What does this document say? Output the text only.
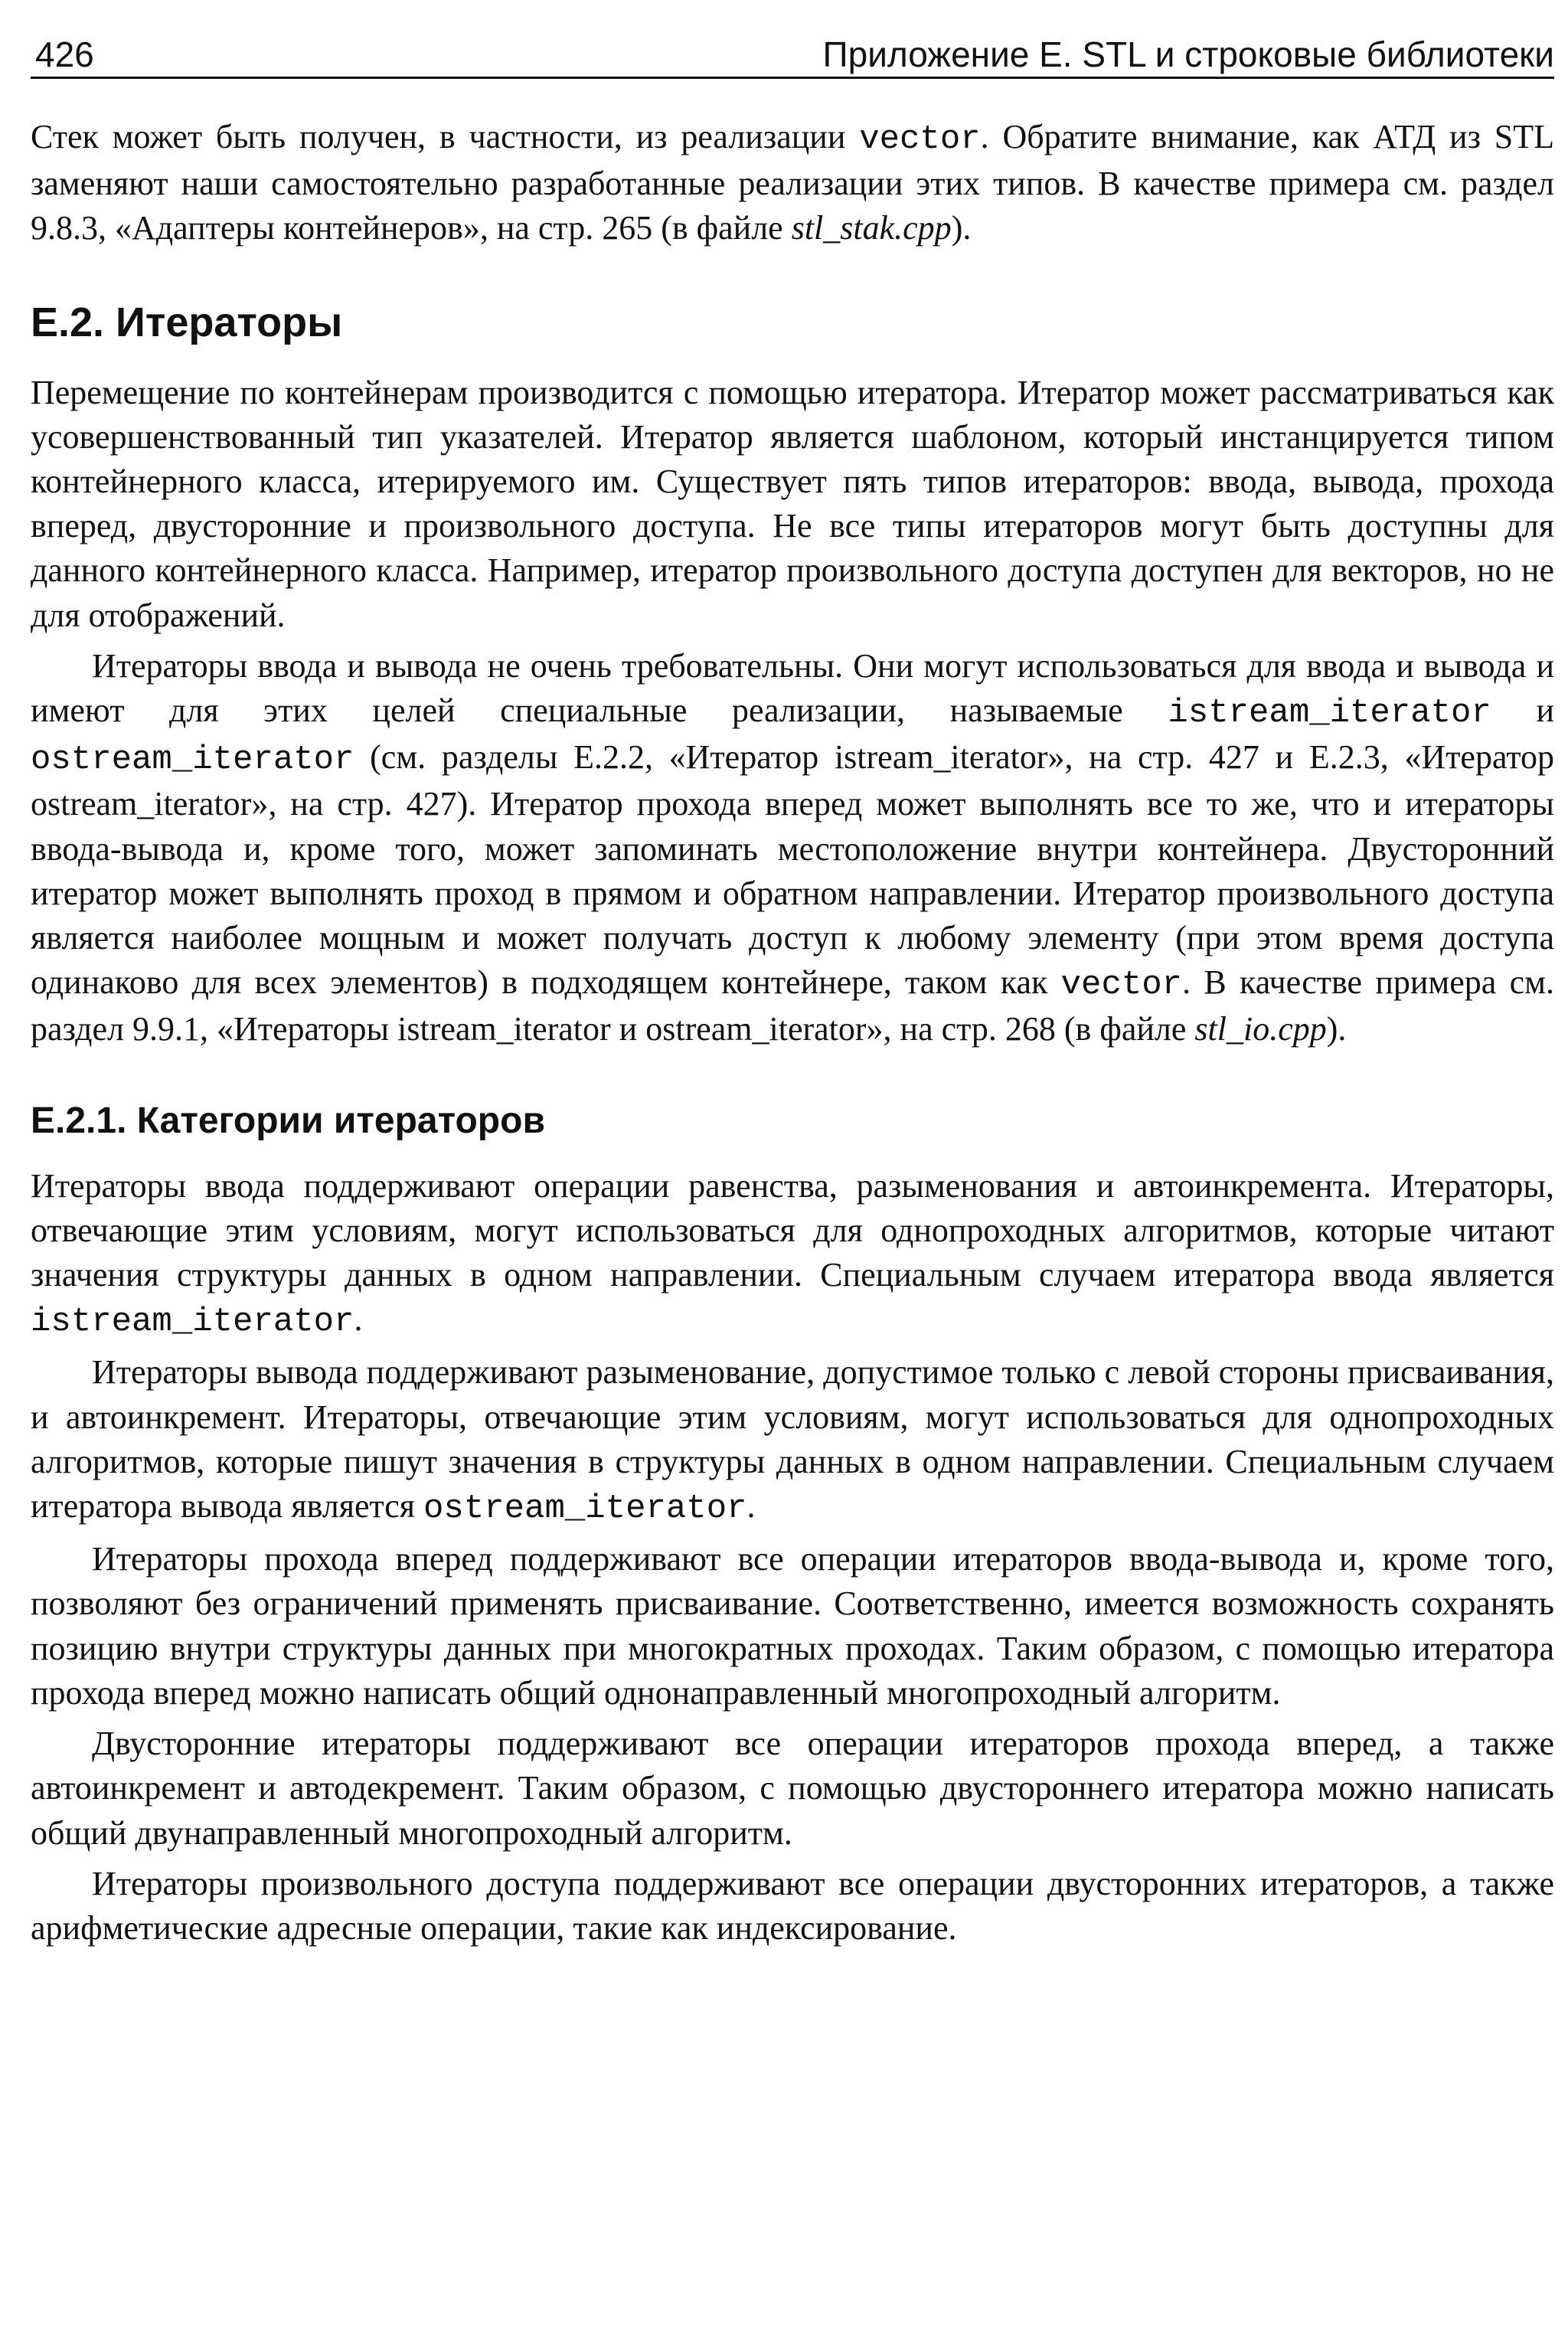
426	Приложение E. STL и строковые библиотеки

Стек может быть получен, в частности, из реализации vector. Обратите внимание, как АТД из STL заменяют наши самостоятельно разработанные реализации этих типов. В качестве примера см. раздел 9.8.3, «Адаптеры контейнеров», на стр. 265 (в файле stl_stak.cpp).

E.2. Итераторы

Перемещение по контейнерам производится с помощью итератора. Итератор может рассматриваться как усовершенствованный тип указателей. Итератор является шаблоном, который инстанцируется типом контейнерного класса, итерируемого им. Существует пять типов итераторов: ввода, вывода, прохода вперед, двусторонние и произвольного доступа. Не все типы итераторов могут быть доступны для данного контейнерного класса. Например, итератор произвольного доступа доступен для векторов, но не для отображений.

Итераторы ввода и вывода не очень требовательны. Они могут использоваться для ввода и вывода и имеют для этих целей специальные реализации, называемые istream_iterator и ostream_iterator (см. разделы E.2.2, «Итератор istream_iterator», на стр. 427 и E.2.3, «Итератор ostream_iterator», на стр. 427). Итератор прохода вперед может выполнять все то же, что и итераторы ввода-вывода и, кроме того, может запоминать местоположение внутри контейнера. Двусторонний итератор может выполнять проход в прямом и обратном направлении. Итератор произвольного доступа является наиболее мощным и может получать доступ к любому элементу (при этом время доступа одинаково для всех элементов) в подходящем контейнере, таком как vector. В качестве примера см. раздел 9.9.1, «Итераторы istream_iterator и ostream_iterator», на стр. 268 (в файле stl_io.cpp).

E.2.1. Категории итераторов

Итераторы ввода поддерживают операции равенства, разыменования и автоинкремента. Итераторы, отвечающие этим условиям, могут использоваться для однопроходных алгоритмов, которые читают значения структуры данных в одном направлении. Специальным случаем итератора ввода является istream_iterator.

Итераторы вывода поддерживают разыменование, допустимое только с левой стороны присваивания, и автоинкремент. Итераторы, отвечающие этим условиям, могут использоваться для однопроходных алгоритмов, которые пишут значения в структуры данных в одном направлении. Специальным случаем итератора вывода является ostream_iterator.

Итераторы прохода вперед поддерживают все операции итераторов ввода-вывода и, кроме того, позволяют без ограничений применять присваивание. Соответственно, имеется возможность сохранять позицию внутри структуры данных при многократных проходах. Таким образом, с помощью итератора прохода вперед можно написать общий однонаправленный многопроходный алгоритм.

Двусторонние итераторы поддерживают все операции итераторов прохода вперед, а также автоинкремент и автодекремент. Таким образом, с помощью двустороннего итератора можно написать общий двунаправленный многопроходный алгоритм.

Итераторы произвольного доступа поддерживают все операции двусторонних итераторов, а также арифметические адресные операции, такие как индексирование.
